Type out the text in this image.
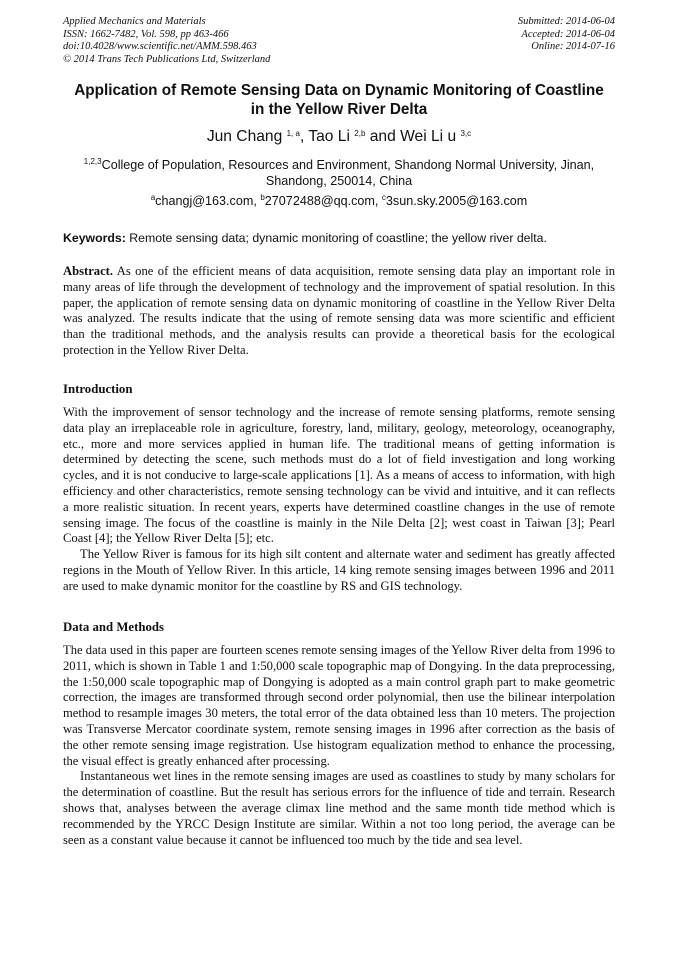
Applied Mechanics and Materials
ISSN: 1662-7482, Vol. 598, pp 463-466
doi:10.4028/www.scientific.net/AMM.598.463
© 2014 Trans Tech Publications Ltd, Switzerland
Submitted: 2014-06-04
Accepted: 2014-06-04
Online: 2014-07-16
Application of Remote Sensing Data on Dynamic Monitoring of Coastline
in the Yellow River Delta
Jun Chang $^{1, a}$, Tao Li $^{2,b}$ and Wei Li u $^{3,c}$
$^{1,2,3}$College of Population, Resources and Environment, Shandong Normal University, Jinan, Shandong, 250014, China
$^a$changj@163.com, $^b$27072488@qq.com, $^c$3sun.sky.2005@163.com
Keywords: Remote sensing data; dynamic monitoring of coastline; the yellow river delta.

Abstract. As one of the efficient means of data acquisition, remote sensing data play an important role in many areas of life through the development of technology and the improvement of spatial resolution. In this paper, the application of remote sensing data on dynamic monitoring of coastline in the Yellow River Delta was analyzed. The results indicate that the using of remote sensing data was more scientific and efficient than the traditional methods, and the analysis results can provide a theoretical basis for the ecological protection in the Yellow River Delta.

Introduction

With the improvement of sensor technology and the increase of remote sensing platforms, remote sensing data play an irreplaceable role in agriculture, forestry, land, military, geology, meteorology, oceanography, etc., more and more services applied in human life. The traditional means of getting information is determined by detecting the scene, such methods must do a lot of field investigation and long working cycles, and it is not conducive to large-scale applications [1]. As a means of access to information, with high efficiency and other characteristics, remote sensing technology can be vivid and intuitive, and it can reflects a more realistic situation. In recent years, experts have determined coastline changes in the use of remote sensing image. The focus of the coastline is mainly in the Nile Delta [2]; west coast in Taiwan [3]; Pearl Coast [4]; the Yellow River Delta [5]; etc.

The Yellow River is famous for its high silt content and alternate water and sediment has greatly affected regions in the Mouth of Yellow River. In this article, 14 king remote sensing images between 1996 and 2011 are used to make dynamic monitor for the coastline by RS and GIS technology.

Data and Methods

The data used in this paper are fourteen scenes remote sensing images of the Yellow River delta from 1996 to 2011, which is shown in Table 1 and 1:50,000 scale topographic map of Dongying. In the data preprocessing, the 1:50,000 scale topographic map of Dongying is adopted as a main control graph part to make geometric correction, the images are transformed through second order polynomial, then use the bilinear interpolation method to resample images 30 meters, the total error of the data obtained less than 10 meters. The projection was Transverse Mercator coordinate system, remote sensing images in 1996 after correction as the basis of the other remote sensing image registration. Use histogram equalization method to enhance the processing, the visual effect is greatly enhanced after processing.

Instantaneous wet lines in the remote sensing images are used as coastlines to study by many scholars for the determination of coastline. But the result has serious errors for the influence of tide and terrain. Research shows that, analyses between the average climax line method and the same month tide method which is recommended by the YRCC Design Institute are similar. Within a not too long period, the average can be seen as a constant value because it cannot be influenced too much by the tide and sea level.
